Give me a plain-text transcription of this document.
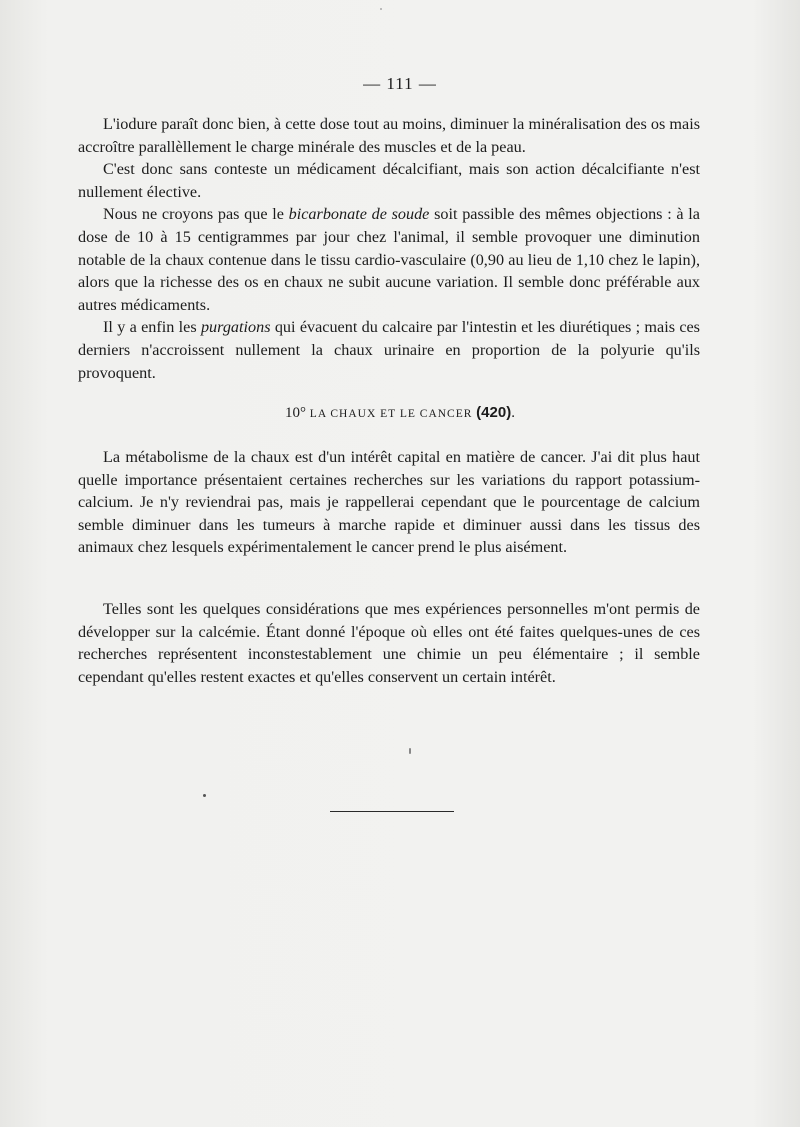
— 111 —

L'iodure paraît donc bien, à cette dose tout au moins, diminuer la minéralisation des os mais accroître parallèllement le charge minérale des muscles et de la peau.

C'est donc sans conteste un médicament décalcifiant, mais son action décalcifiante n'est nullement élective.

Nous ne croyons pas que le bicarbonate de soude soit passible des mêmes objections : à la dose de 10 à 15 centigrammes par jour chez l'animal, il semble provoquer une diminution notable de la chaux contenue dans le tissu cardio-vasculaire (0,90 au lieu de 1,10 chez le lapin), alors que la richesse des os en chaux ne subit aucune variation. Il semble donc préférable aux autres médicaments.

Il y a enfin les purgations qui évacuent du calcaire par l'intestin et les diurétiques ; mais ces derniers n'accroissent nullement la chaux urinaire en proportion de la polyurie qu'ils provoquent.

10° LA CHAUX ET LE CANCER (420).

La métabolisme de la chaux est d'un intérêt capital en matière de cancer. J'ai dit plus haut quelle importance présentaient certaines recherches sur les variations du rapport potassium-calcium. Je n'y reviendrai pas, mais je rappellerai cependant que le pourcentage de calcium semble diminuer dans les tumeurs à marche rapide et diminuer aussi dans les tissus des animaux chez lesquels expérimentalement le cancer prend le plus aisément.

Telles sont les quelques considérations que mes expériences personnelles m'ont permis de développer sur la calcémie. Étant donné l'époque où elles ont été faites quelques-unes de ces recherches représentent inconstestablement une chimie un peu élémentaire ; il semble cependant qu'elles restent exactes et qu'elles conservent un certain intérêt.
